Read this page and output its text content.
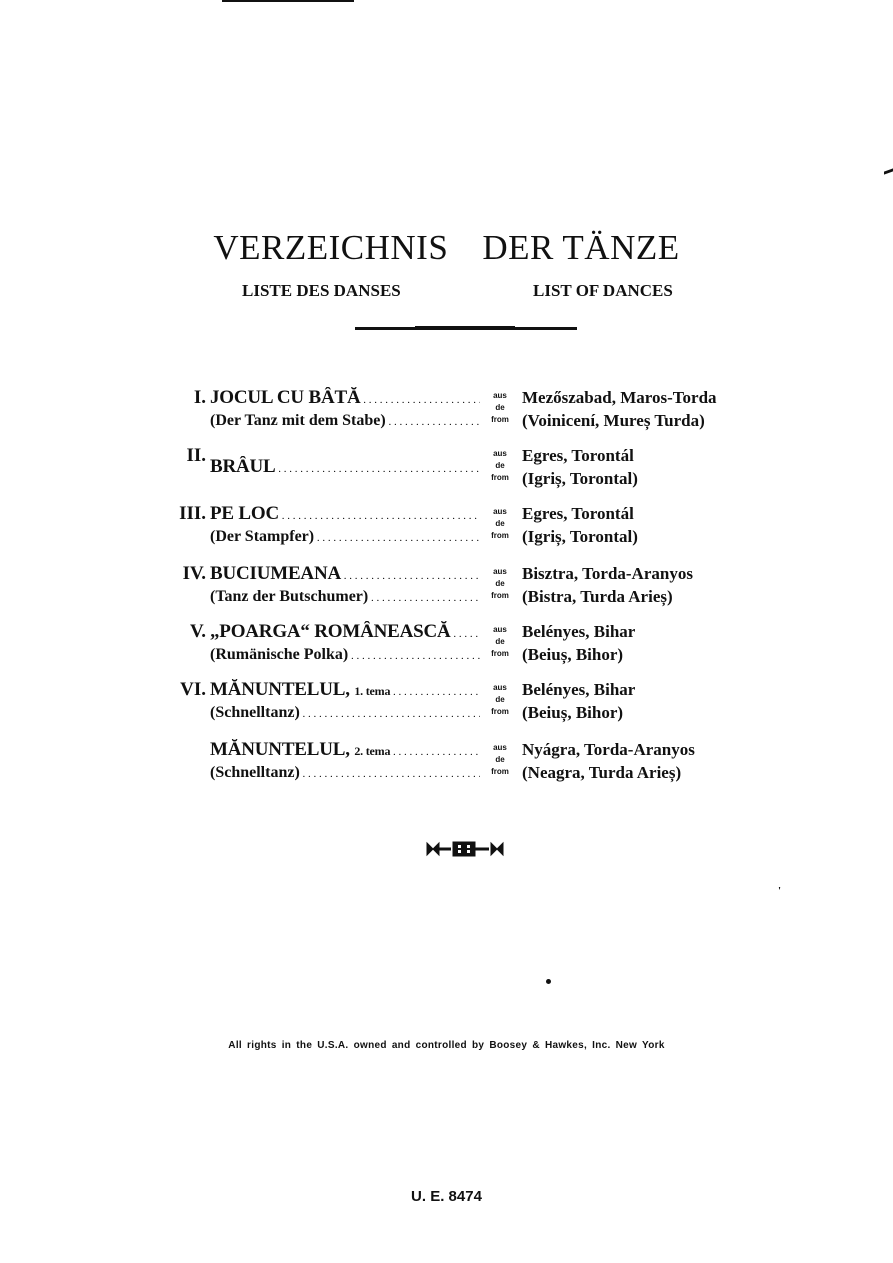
VERZEICHNIS DER TÄNZE
LISTE DES DANSES	LIST OF DANCES
I. JOCUL CU BÂTĂ . . .
(Der Tanz mit dem Stabe) . . .
aus
de
from
Mezőszabad, Maros-Torda
(Voinicení, Mureș Turda)
II.
BRÂUL . . .
aus
de
from
Egres, Torontál
(Igriș, Torontal)
III. PE LOC . . .
(Der Stampfer) . . .
aus
de
from
Egres, Torontál
(Igriș, Torontal)
IV. BUCIUMEANA . . .
(Tanz der Butschumer) . . .
aus
de
from
Bisztra, Torda-Aranyos
(Bistra, Turda Arieș)
V. „POARGA“ ROMÂNEASCĂ . . .
(Rumänische Polka) . . .
aus
de
from
Belényes, Bihar
(Beiuș, Bihor)
VI. MĂNUNTELUL, 1. tema . . .
(Schnelltanz) . . .
aus
de
from
Belényes, Bihar
(Beiuș, Bihor)
MĂNUNTELUL, 2. tema . . .
(Schnelltanz) . . .
aus
de
from
Nyágra, Torda-Aranyos
(Neagra, Turda Arieș)
'
All rights in the U.S.A. owned and controlled by Boosey & Hawkes, Inc. New York
U. E. 8474
